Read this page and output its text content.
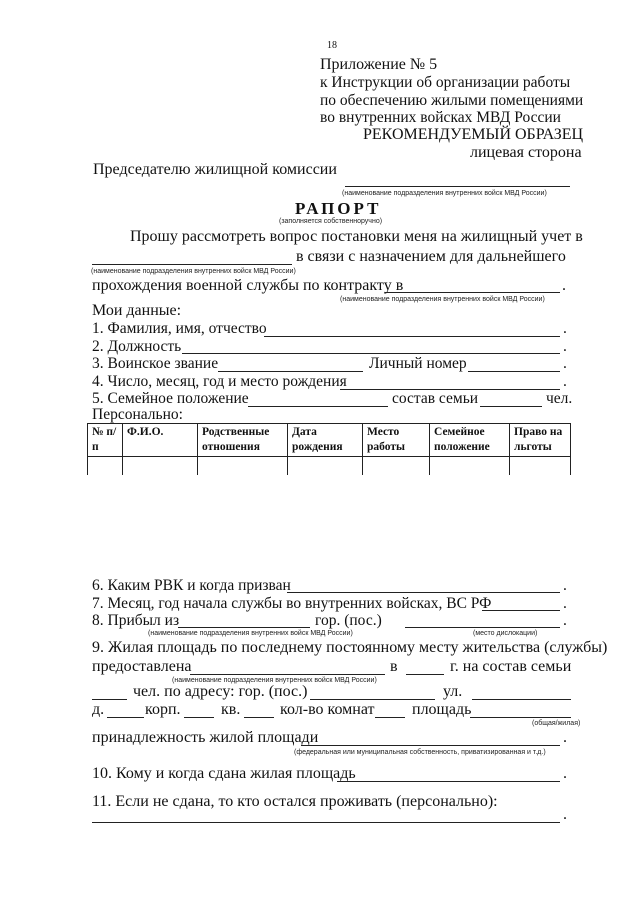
18
Приложение № 5
к Инструкции об организации работы
по обеспечению жилыми помещениями
во внутренних войсках МВД России
РЕКОМЕНДУЕМЫЙ ОБРАЗЕЦ
лицевая сторона
Председателю жилищной комиссии
(наименование подразделения внутренних войск МВД России)
РАПОРТ
(заполняется собственноручно)
Прошу рассмотреть вопрос постановки меня на жилищный учет в
в связи с назначением для дальнейшего
(наименование подразделения внутренних войск МВД России)
прохождения военной службы по контракту в	.
(наименование подразделения внутренних войск МВД России)
Мои данные:
1. Фамилия, имя, отчество	.
2. Должность	.
3. Воинское звание	Личный номер	.
4. Число, месяц, год и место рождения	.
5. Семейное положение	состав семьи	чел.
Персонально:
№ п/п	Ф.И.О.	Родственные отношения	Дата рождения	Место работы	Семейное положение	Право на льготы

6. Каким РВК и когда призван	.
7. Месяц, год начала службы во внутренних войсках, ВС РФ	.
8. Прибыл из	гор. (пос.)	.
(наименование подразделения внутренних войск МВД России)	(место дислокации)
9. Жилая площадь по последнему постоянному месту жительства (службы)
предоставлена	в	г. на состав семьи
(наименование подразделения внутренних войск МВД России)
чел. по адресу: гор. (пос.)	ул.
д.	корп.	кв. кол-во комнат площадь
(общая/жилая)
принадлежность жилой площади	.
(федеральная или муниципальная собственность, приватизированная и т.д.)
10. Кому и когда сдана жилая площадь	.
11. Если не сдана, то кто остался проживать (персонально):
.
